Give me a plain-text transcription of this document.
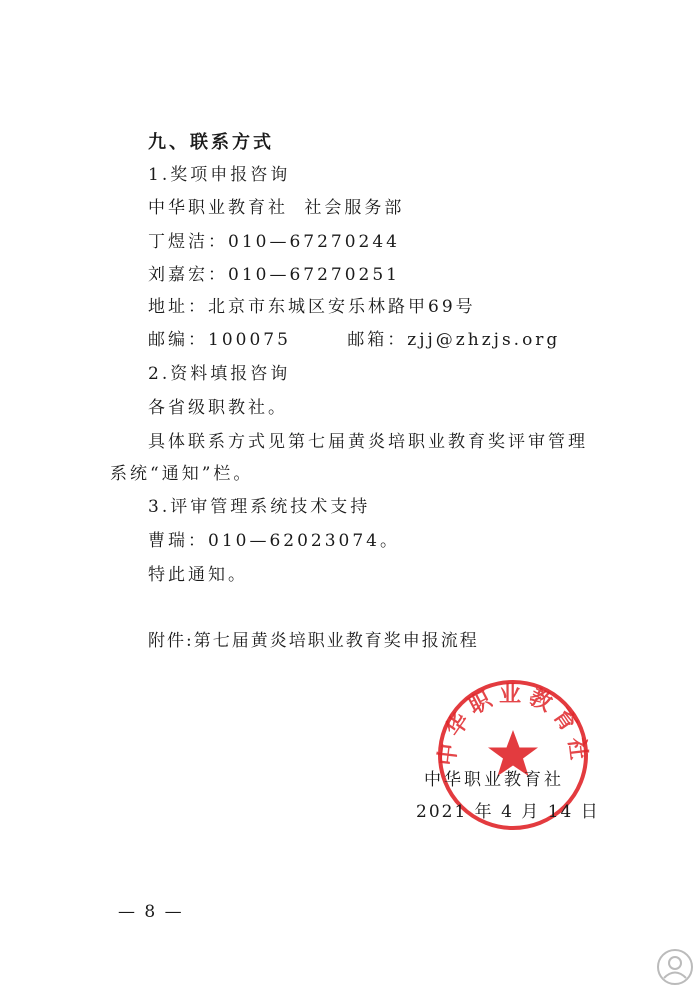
九、联系方式
1.奖项申报咨询
中华职业教育社 社会服务部
丁煜洁：010—67270244
刘嘉宏：010—67270251
地址：北京市东城区安乐林路甲69号
邮编：100075	邮箱：zjj@zhzjs.org
2.资料填报咨询
各省级职教社。
具体联系方式见第七届黄炎培职业教育奖评审管理
系统“通知”栏。
3.评审管理系统技术支持
曹瑞：010—62023074。
特此通知。
附件:第七届黄炎培职业教育奖申报流程
中华职业教育社
中华职业教育社
2021 年 4 月 14 日
— 8 —
